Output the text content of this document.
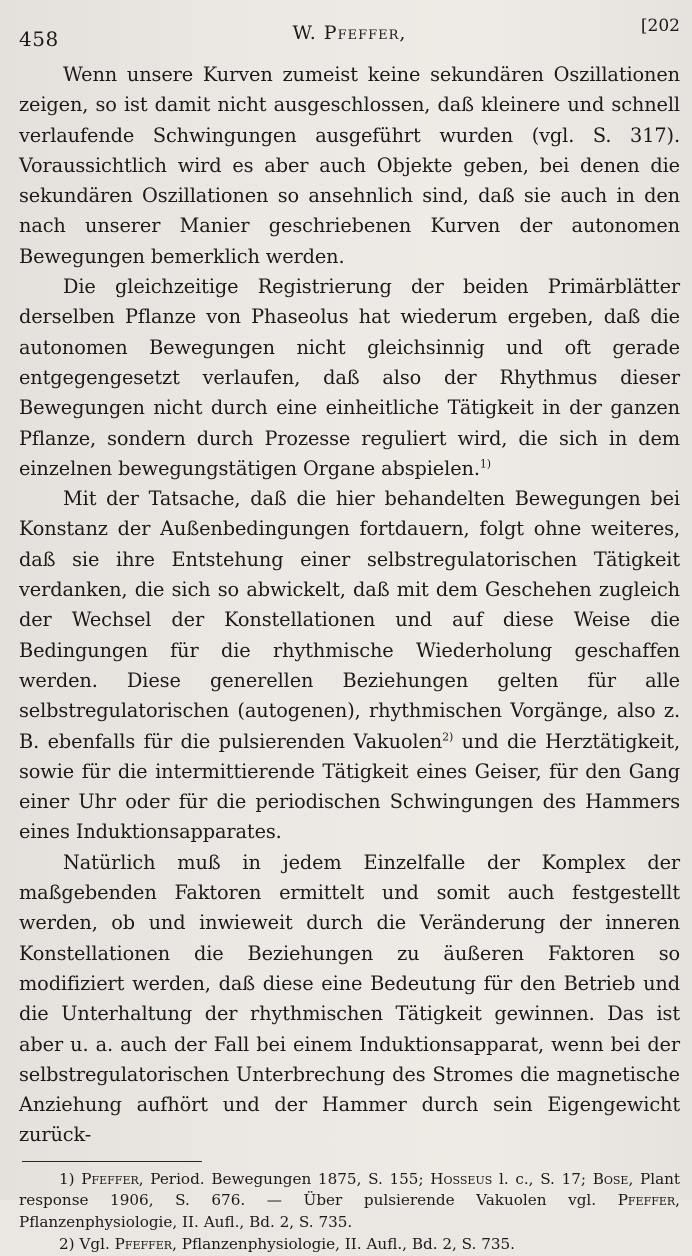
458	W. Pfeffer,	[202

Wenn unsere Kurven zumeist keine sekundären Oszillationen zeigen, so ist damit nicht ausgeschlossen, daß kleinere und schnell verlaufende Schwingungen ausgeführt wurden (vgl. S. 317). Voraussichtlich wird es aber auch Objekte geben, bei denen die sekundären Oszillationen so ansehnlich sind, daß sie auch in den nach unserer Manier geschriebenen Kurven der autonomen Bewegungen bemerklich werden.

Die gleichzeitige Registrierung der beiden Primärblätter derselben Pflanze von Phaseolus hat wiederum ergeben, daß die autonomen Bewegungen nicht gleichsinnig und oft gerade entgegengesetzt verlaufen, daß also der Rhythmus dieser Bewegungen nicht durch eine einheitliche Tätigkeit in der ganzen Pflanze, sondern durch Prozesse reguliert wird, die sich in dem einzelnen bewegungstätigen Organe abspielen.$^{1)}$

Mit der Tatsache, daß die hier behandelten Bewegungen bei Konstanz der Außenbedingungen fortdauern, folgt ohne weiteres, daß sie ihre Entstehung einer selbstregulatorischen Tätigkeit verdanken, die sich so abwickelt, daß mit dem Geschehen zugleich der Wechsel der Konstellationen und auf diese Weise die Bedingungen für die rhythmische Wiederholung geschaffen werden. Diese generellen Beziehungen gelten für alle selbstregulatorischen (autogenen), rhythmischen Vorgänge, also z. B. ebenfalls für die pulsierenden Vakuolen$^{2)}$ und die Herztätigkeit, sowie für die intermittierende Tätigkeit eines Geiser, für den Gang einer Uhr oder für die periodischen Schwingungen des Hammers eines Induktionsapparates.

Natürlich muß in jedem Einzelfalle der Komplex der maßgebenden Faktoren ermittelt und somit auch festgestellt werden, ob und inwieweit durch die Veränderung der inneren Konstellationen die Beziehungen zu äußeren Faktoren so modifiziert werden, daß diese eine Bedeutung für den Betrieb und die Unterhaltung der rhythmischen Tätigkeit gewinnen. Das ist aber u. a. auch der Fall bei einem Induktionsapparat, wenn bei der selbstregulatorischen Unterbrechung des Stromes die magnetische Anziehung aufhört und der Hammer durch sein Eigengewicht zurück-

1) Pfeffer, Period. Bewegungen 1875, S. 155; Hosseus l. c., S. 17; Bose, Plant response 1906, S. 676. — Über pulsierende Vakuolen vgl. Pfeffer, Pflanzenphysiologie, II. Aufl., Bd. 2, S. 735.

2) Vgl. Pfeffer, Pflanzenphysiologie, II. Aufl., Bd. 2, S. 735.
